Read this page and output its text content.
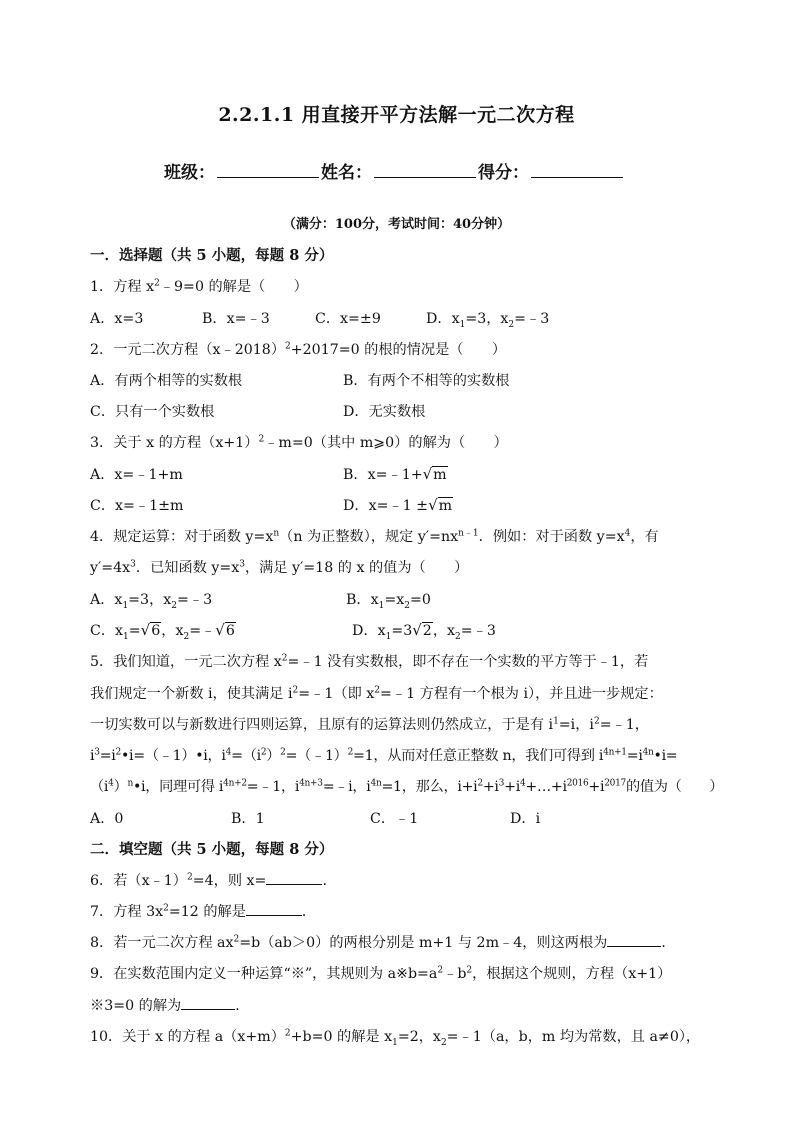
2.2.1.1 用直接开平方法解一元二次方程
班级：	姓名：	得分：
（满分：100分，考试时间：40分钟）
一．选择题（共 5 小题，每题 8 分）
1．方程 $x^2﹣9=0$ 的解是（　　）
A．x=3	B．x=﹣3	C．x=±9	D．$x_1=3$，$x_2=﹣3$
2．一元二次方程（x﹣2018）$^2$+2017=0 的根的情况是（　　）
A．有两个相等的实数根	B．有两个不相等的实数根
C．只有一个实数根	D．无实数根
3．关于 x 的方程$(x+1)^2﹣m=0$（其中 m⩾0）的解为（　　）
A．x=﹣1+m	B．x=﹣1+√m
C．x=﹣1±m	D．x=﹣1 ±√m
4．规定运算：对于函数 $y=x^n(n$ 为正整数），规定 $y'=nx^{n﹣1}$．例如：对于函数 $y=x^4$，有
$y'=4x^3$．已知函数 $y=x^3$，满足 y′=18 的 x 的值为（　　）
A．$x_1=3$，$x_2=﹣3$	B．$x_1=x_2=0$
C．$x_1=√6$，$x_2=﹣√6$	D．$x_1=3√2$，$x_2=﹣3$
5．我们知道，一元二次方程 $x^2=﹣1$ 没有实数根，即不存在一个实数的平方等于﹣1，若
我们规定一个新数 i，使其满足 $i^2=﹣1$（即 $x^2=﹣1$ 方程有一个根为 i），并且进一步规定：
一切实数可以与新数进行四则运算，且原有的运算法则仍然成立，于是有 $i^1=i$，$i^2=﹣1$，
$i^3=i^2•i=(﹣1)•i$，$i^4=(i^2)^2=(﹣1)^2=1$，从而对任意正整数 n，我们可得到 $i^{4n+1}=i^{4n}•i=$
$(i^4)^n•i$，同理可得 $i^{4n+2}=﹣1$，$i^{4n+3}=﹣i$，$i^{4n}=1$，那么，$i+i^2+i^3+i^4+\dots+i^{2016}+i^{2017}$的值为（　　）
A．0	B．1	C．﹣1	D．i
二．填空题（共 5 小题，每题 8 分）
6．若（x﹣1）$^2$=4，则 x=	．
7．方程 $3x^2=12$ 的解是	．
8．若一元二次方程 $ax^2=b(ab>0)$的两根分别是 m+1 与 2m﹣4，则这两根为	．
9．在实数范围内定义一种运算“※”，其规则为 $a※b=a^2﹣b^2$，根据这个规则，方程（x+1）
※3=0 的解为	．
10．关于 x 的方程 $a(x+m)^2+b=0$ 的解是 $x_1=2$，$x_2=﹣1(a$，b，m 均为常数，且 a≠0），
